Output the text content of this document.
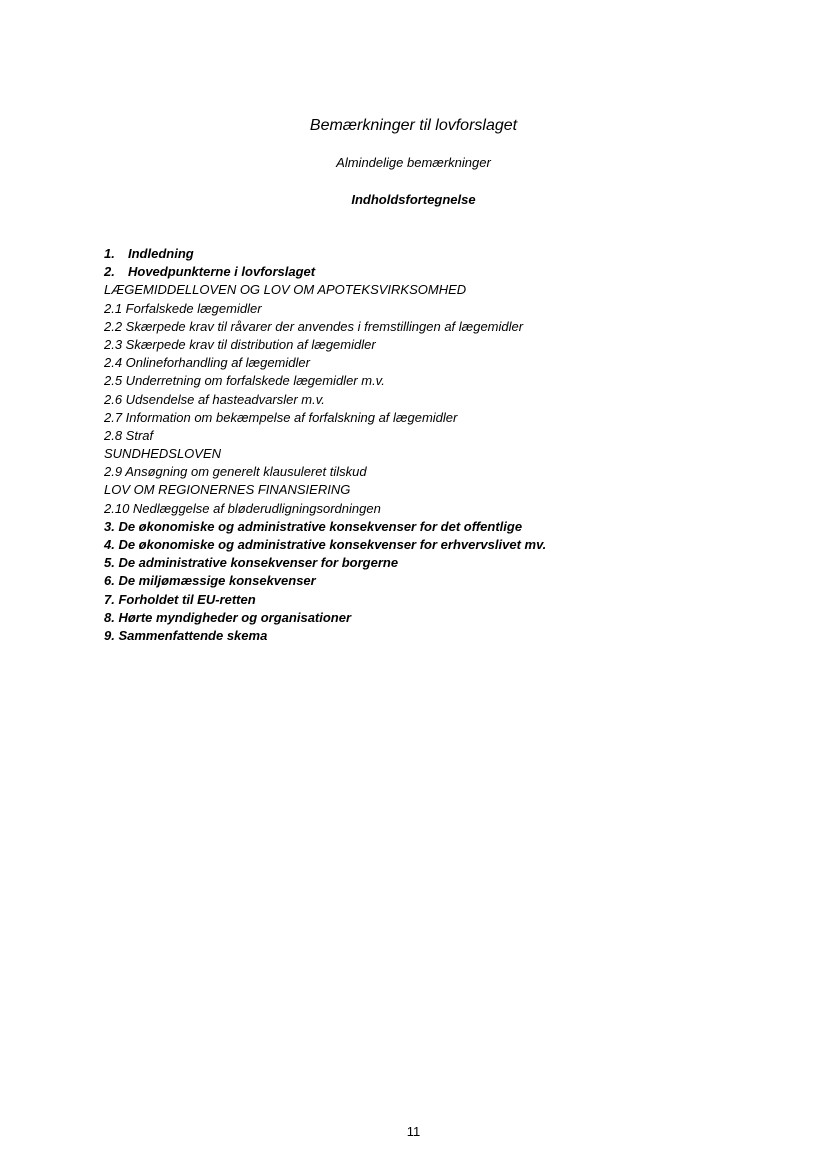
Bemærkninger til lovforslaget
Almindelige bemærkninger
Indholdsfortegnelse
1. Indledning
2. Hovedpunkterne i lovforslaget
LÆGEMIDDELLOVEN OG LOV OM APOTEKSVIRKSOMHED
2.1 Forfalskede lægemidler
2.2 Skærpede krav til råvarer der anvendes i fremstillingen af lægemidler
2.3 Skærpede krav til distribution af lægemidler
2.4 Onlineforhandling af lægemidler
2.5 Underretning om forfalskede lægemidler m.v.
2.6 Udsendelse af hasteadvarsler m.v.
2.7 Information om bekæmpelse af forfalskning af lægemidler
2.8 Straf
SUNDHEDSLOVEN
2.9 Ansøgning om generelt klausuleret tilskud
LOV OM REGIONERNES FINANSIERING
2.10 Nedlæggelse af bløderudligningsordningen
3. De økonomiske og administrative konsekvenser for det offentlige
4. De økonomiske og administrative konsekvenser for erhvervslivet mv.
5. De administrative konsekvenser for borgerne
6. De miljømæssige konsekvenser
7. Forholdet til EU-retten
8. Hørte myndigheder og organisationer
9. Sammenfattende skema
11
